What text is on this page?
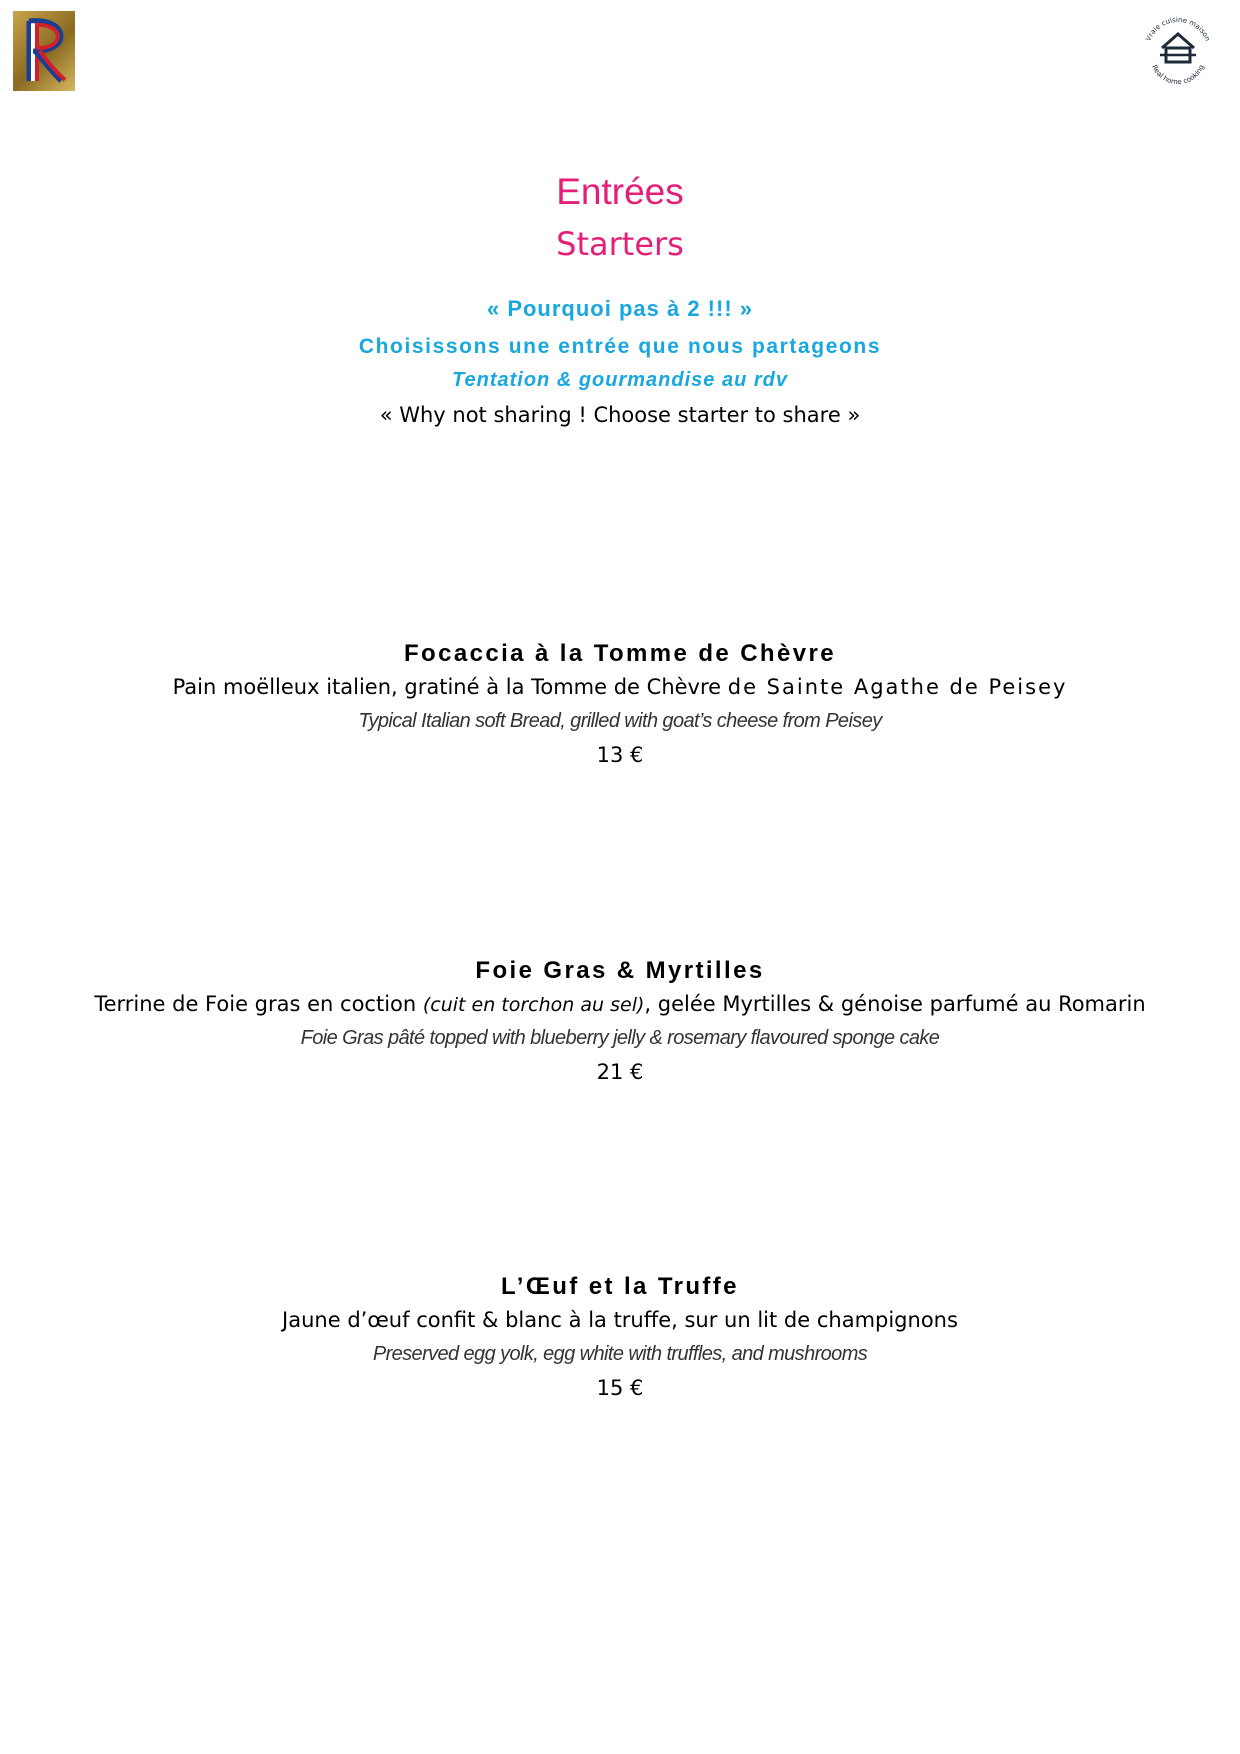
Vraie cuisine maison
Real home cooking
Entrées
Starters
« Pourquoi pas à 2 !!! »
Choisissons une entrée que nous partageons
Tentation & gourmandise au rdv
« Why not sharing ! Choose starter to share »
Focaccia à la Tomme de Chèvre
Pain moëlleux italien, gratiné à la Tomme de Chèvre de Sainte Agathe de Peisey
Typical Italian soft Bread, grilled with goat’s cheese from Peisey
13 €
Foie Gras & Myrtilles
Terrine de Foie gras en coction (cuit en torchon au sel), gelée Myrtilles & génoise parfumé au Romarin
Foie Gras pâté topped with blueberry jelly & rosemary flavoured sponge cake
21 €
L’Œuf et la Truffe
Jaune d’œuf confit & blanc à la truffe, sur un lit de champignons
Preserved egg yolk, egg white with truffles, and mushrooms
15 €
